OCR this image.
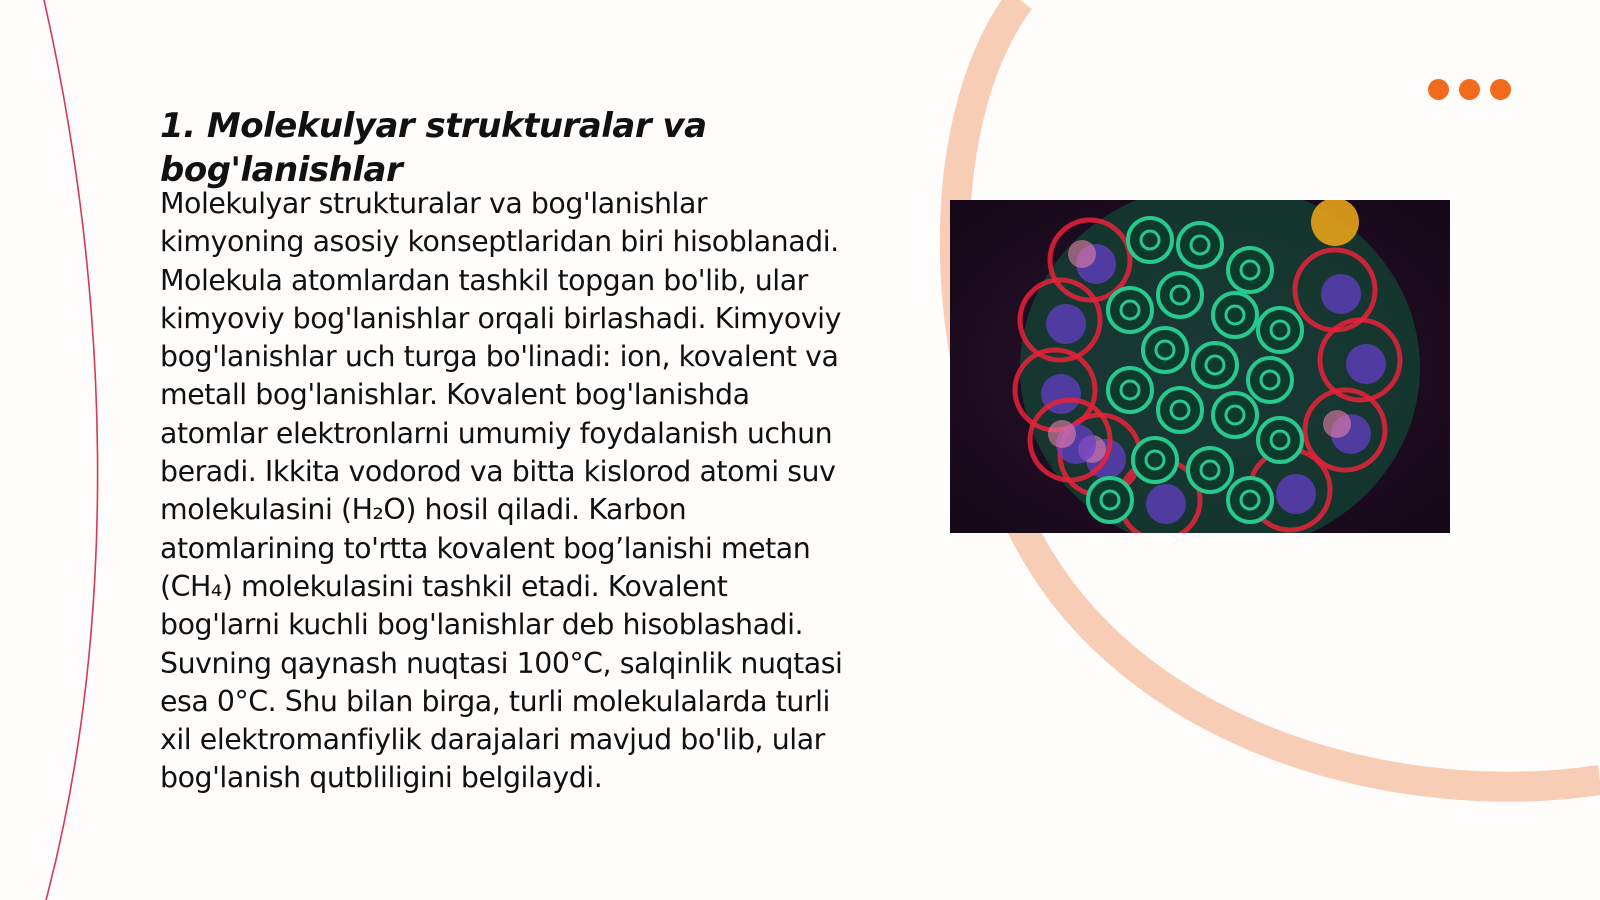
1. Molekulyar strukturalar va bog'lanishlar

Molekulyar strukturalar va bog'lanishlar kimyoning asosiy konseptlaridan biri hisoblanadi. Molekula atomlardan tashkil topgan bo'lib, ular kimyoviy bog'lanishlar orqali birlashadi. Kimyoviy bog'lanishlar uch turga bo'linadi: ion, kovalent va metall bog'lanishlar. Kovalent bog'lanishda atomlar elektronlarni umumiy foydalanish uchun beradi. Ikkita vodorod va bitta kislorod atomi suv molekulasini (H₂O) hosil qiladi. Karbon atomlarining to'rtta kovalent bog’lanishi metan (CH₄) molekulasini tashkil etadi. Kovalent bog'larni kuchli bog'lanishlar deb hisoblashadi. Suvning qaynash nuqtasi 100°C, salqinlik nuqtasi esa 0°C. Shu bilan birga, turli molekulalarda turli xil elektromanfiylik darajalari mavjud bo'lib, ular bog'lanish qutbliligini belgilaydi.
